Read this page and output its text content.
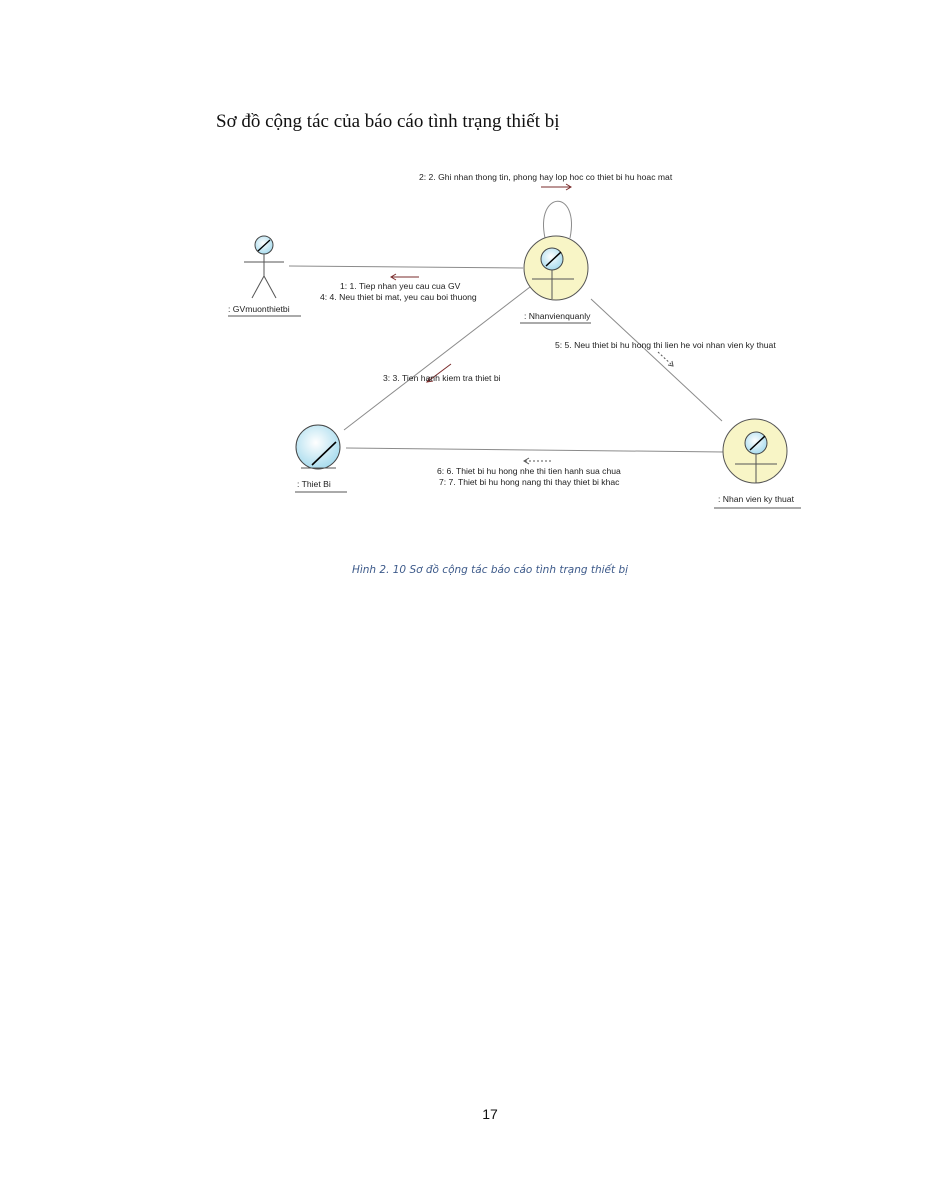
Sơ đồ cộng tác của báo cáo tình trạng thiết bị
: GVmuonthietbi
: Nhanvienquanly
: Thiet Bi
: Nhan vien ky thuat
2: 2. Ghi nhan thong tin, phong hay lop hoc co thiet bi hu hoac mat
1: 1. Tiep nhan yeu cau cua GV
4: 4. Neu thiet bi mat, yeu cau boi thuong
3: 3. Tien hanh kiem tra thiet bi
5: 5. Neu thiet bi hu hong thi lien he voi nhan vien ky thuat
6: 6. Thiet bi hu hong nhe thi tien hanh sua chua
7: 7. Thiet bi hu hong nang thi thay thiet bi khac
Hình 2. 10 Sơ đồ cộng tác báo cáo tình trạng thiết bị
17
